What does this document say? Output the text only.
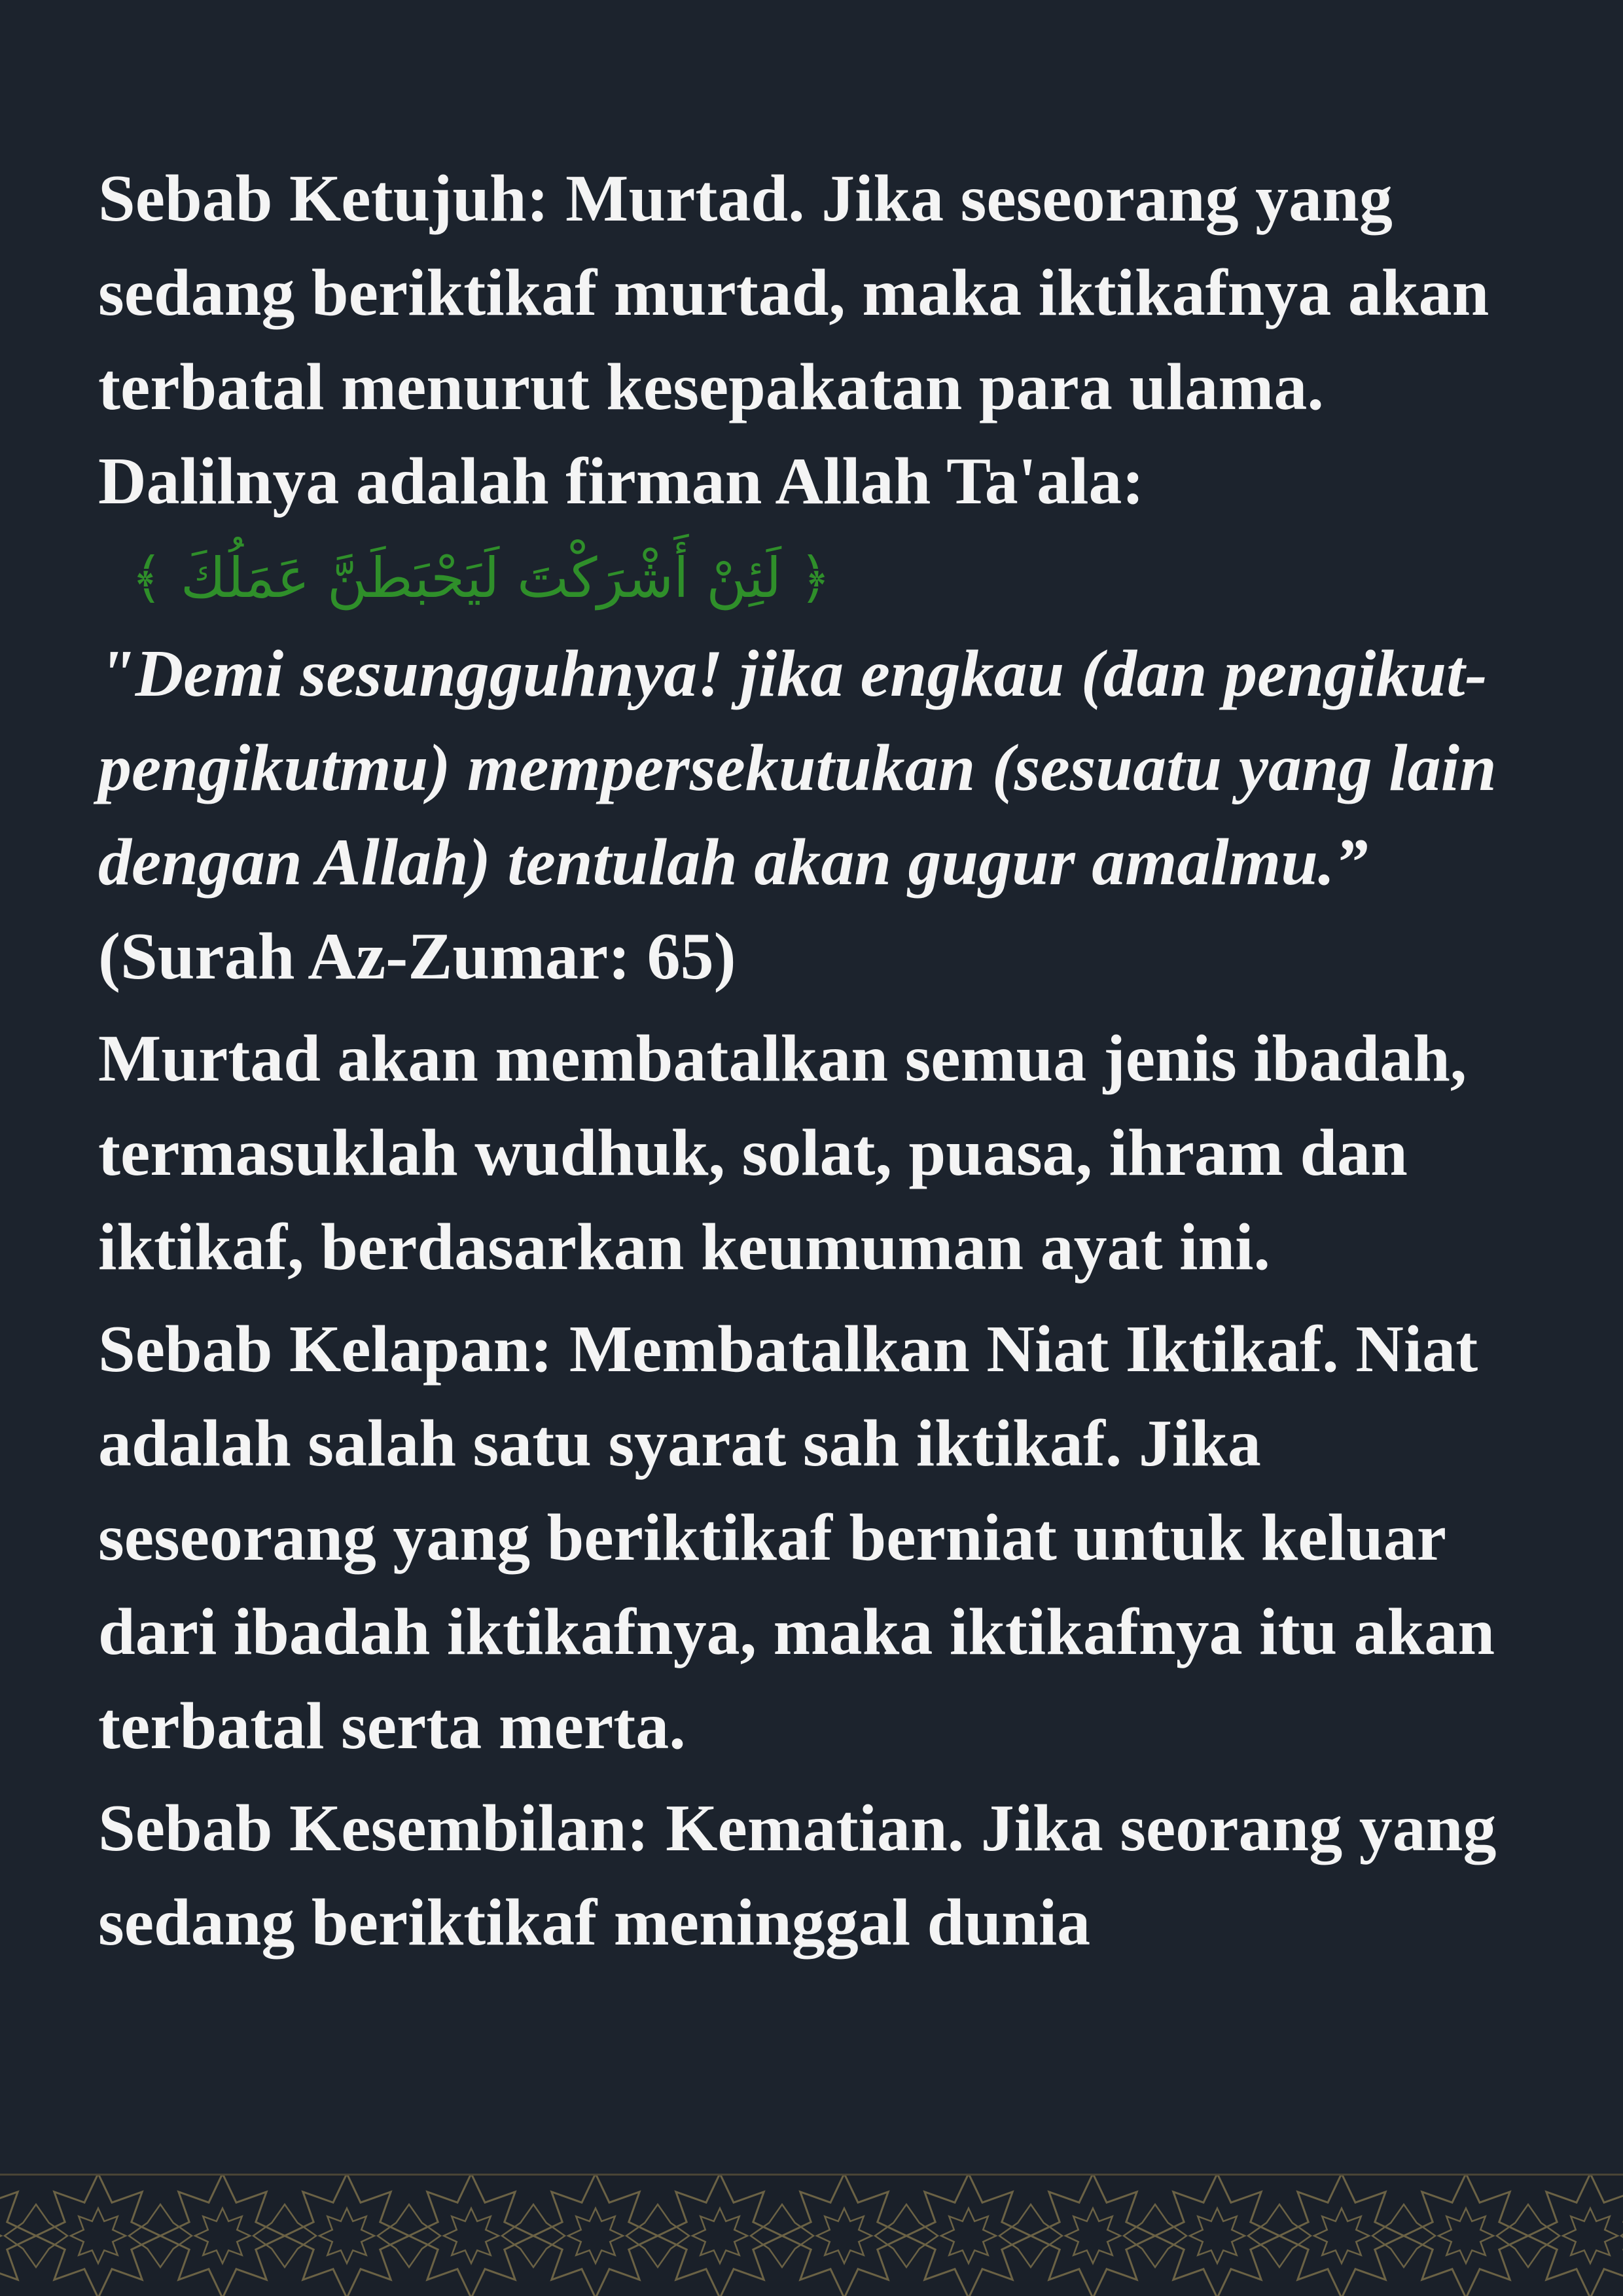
Sebab Ketujuh: Murtad. Jika seseorang yang sedang beriktikaf murtad, maka iktikafnya akan terbatal menurut kesepakatan para ulama. Dalilnya adalah firman Allah Ta'ala:

﴿ لَئِنْ أَشْرَكْتَ لَيَحْبَطَنَّ عَمَلُكَ ﴾

"Demi sesungguhnya! jika engkau (dan pengikut-pengikutmu) mempersekutukan (sesuatu yang lain dengan Allah) tentulah akan gugur amalmu.” (Surah Az-Zumar: 65)

Murtad akan membatalkan semua jenis ibadah, termasuklah wudhuk, solat, puasa, ihram dan iktikaf, berdasarkan keumuman ayat ini.

Sebab Kelapan: Membatalkan Niat Iktikaf. Niat adalah salah satu syarat sah iktikaf. Jika seseorang yang beriktikaf berniat untuk keluar dari ibadah iktikafnya, maka iktikafnya itu akan terbatal serta merta.

Sebab Kesembilan: Kematian. Jika seorang yang sedang beriktikaf meninggal dunia
